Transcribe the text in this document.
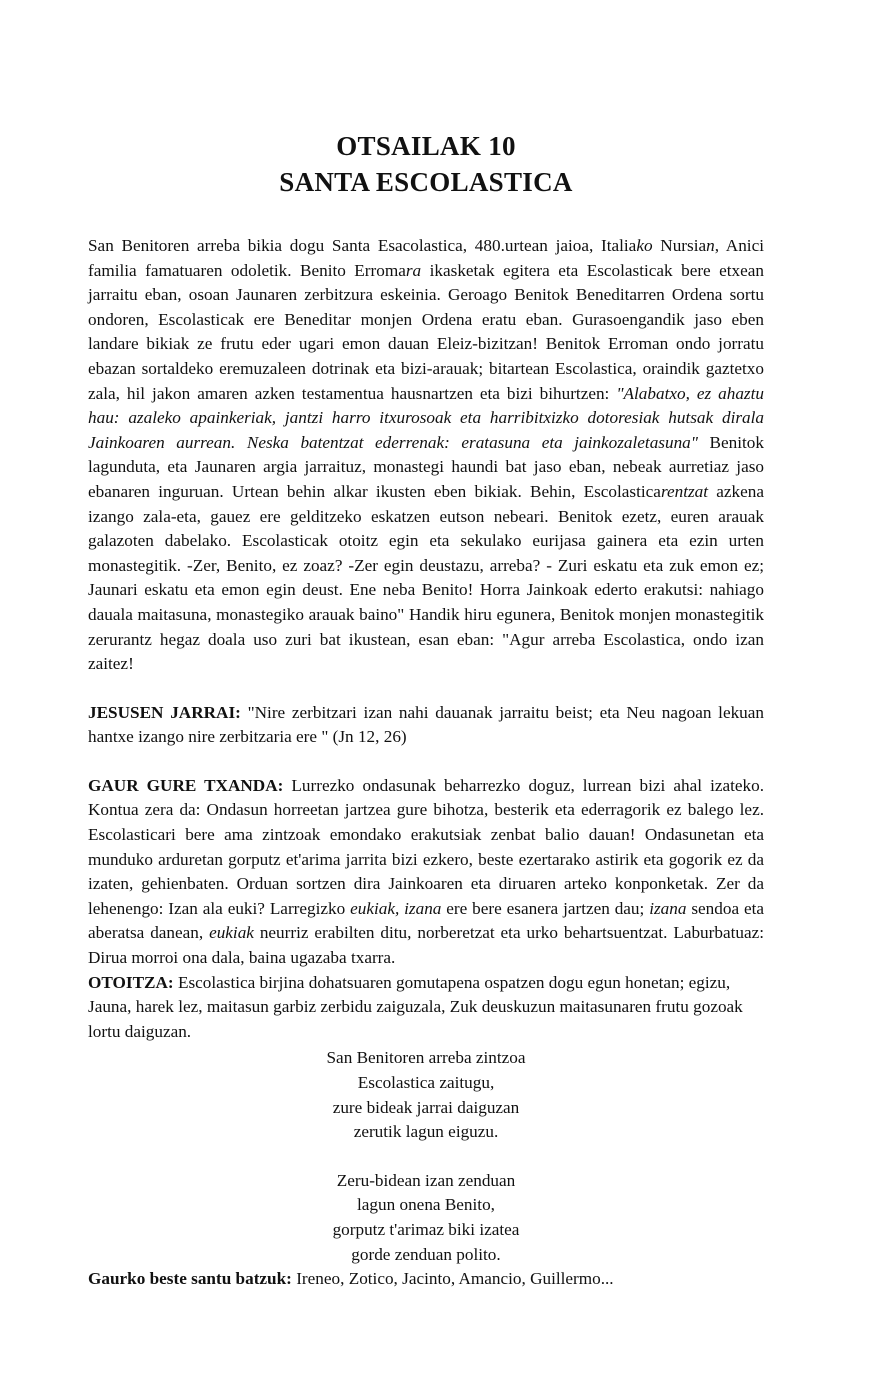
OTSAILAK 10
SANTA ESCOLASTICA

San Benitoren arreba bikia dogu Santa Esacolastica, 480.urtean jaioa, Italiako Nursian, Anici familia famatuaren odoletik. Benito Erromara ikasketak egitera eta Escolasticak bere etxean jarraitu eban, osoan Jaunaren zerbitzura eskeinia. Geroago Benitok Beneditarren Ordena sortu ondoren, Escolasticak ere Beneditar monjen Ordena eratu eban. Gurasoengandik jaso eben landare bikiak ze frutu eder ugari emon dauan Eleiz-bizitzan! Benitok Erroman ondo jorratu ebazan sortaldeko eremuzaleen dotrinak eta bizi-arauak; bitartean Escolastica, oraindik gaztetxo zala, hil jakon amaren azken testamentua hausnartzen eta bizi bihurtzen: "Alabatxo, ez ahaztu hau: azaleko apainkeriak, jantzi harro itxurosoak eta harribitxizko dotoresiak hutsak dirala Jainkoaren aurrean. Neska batentzat ederrenak: eratasuna eta jainkozaletasuna" Benitok lagunduta, eta Jaunaren argia jarraituz, monastegi haundi bat jaso eban, nebeak aurretiaz jaso ebanaren inguruan. Urtean behin alkar ikusten eben bikiak. Behin, Escolasticarentzat azkena izango zala-eta, gauez ere gelditzeko eskatzen eutson nebeari. Benitok ezetz, euren arauak galazoten dabelako. Escolasticak otoitz egin eta sekulako eurijasa gainera eta ezin urten monastegitik. -Zer, Benito, ez zoaz? -Zer egin deustazu, arreba? - Zuri eskatu eta zuk emon ez; Jaunari eskatu eta emon egin deust. Ene neba Benito! Horra Jainkoak ederto erakutsi: nahiago dauala maitasuna, monastegiko arauak baino" Handik hiru egunera, Benitok monjen monastegitik zerurantz hegaz doala uso zuri bat ikustean, esan eban: "Agur arreba Escolastica, ondo izan zaitez!

JESUSEN JARRAI: "Nire zerbitzari izan nahi dauanak jarraitu beist; eta Neu nagoan lekuan hantxe izango nire zerbitzaria ere " (Jn 12, 26)

GAUR GURE TXANDA: Lurrezko ondasunak beharrezko doguz, lurrean bizi ahal izateko. Kontua zera da: Ondasun horreetan jartzea gure bihotza, besterik eta ederragorik ez balego lez. Escolasticari bere ama zintzoak emondako erakutsiak zenbat balio dauan! Ondasunetan eta munduko arduretan gorputz et'arima jarrita bizi ezkero, beste ezertarako astirik eta gogorik ez da izaten, gehienbaten. Orduan sortzen dira Jainkoaren eta diruaren arteko konponketak. Zer da lehenengo: Izan ala euki? Larregizko eukiak, izana ere bere esanera jartzen dau; izana sendoa eta aberatsa danean, eukiak neurriz erabilten ditu, norberetzat eta urko behartsuentzat. Laburbatuaz: Dirua morroi ona dala, baina ugazaba txarra.

OTOITZA: Escolastica birjina dohatsuaren gomutapena ospatzen dogu egun honetan; egizu, Jauna, harek lez, maitasun garbiz zerbidu zaiguzala, Zuk deuskuzun maitasunaren frutu gozoak lortu daiguzan.

San Benitoren arreba zintzoa

Escolastica zaitugu,

zure bideak jarrai daiguzan

zerutik lagun eiguzu.

Zeru-bidean izan zenduan

lagun onena Benito,

gorputz t'arimaz biki izatea

gorde zenduan polito.

Gaurko beste santu batzuk: Ireneo, Zotico, Jacinto, Amancio, Guillermo...
